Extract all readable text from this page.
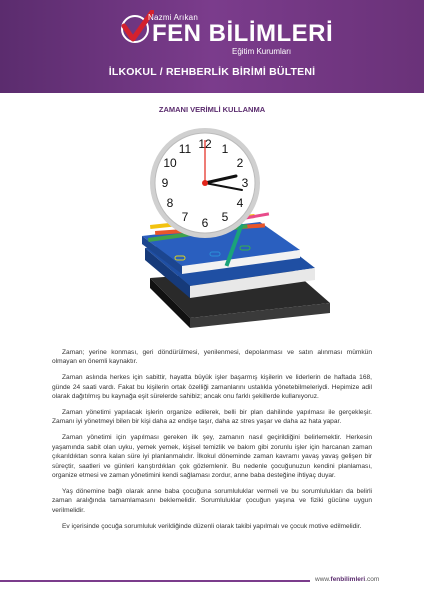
Nazmi Arıkan
FEN BİLİMLERİ
Eğitim Kurumları
İLKOKUL / REHBERLİK BİRİMİ BÜLTENİ
ZAMANI VERİMLİ KULLANMA
12 1
2
3
4
5
6
7
8
9
10
11

Zaman; yerine konması, geri döndürülmesi, yenilenmesi, depolanması ve satın alınması mümkün olmayan en önemli kaynaktır.

Zaman aslında herkes için sabittir, hayatta büyük işler başarmış kişilerin ve liderlerin de haftada 168, günde 24 saati vardı. Fakat bu kişilerin ortak özelliği zamanlarını ustalıkla yönetebilmeleriydi. Hepimize adil olarak dağıtılmış bu kaynağa eşit sürelerde sahibiz; ancak onu farklı şekillerde kullanıyoruz.

Zaman yönetimi yapılacak işlerin organize edilerek, belli bir plan dahilinde yapılması ile gerçekleşir. Zamanı iyi yönetmeyi bilen bir kişi daha az endişe taşır, daha az stres yaşar ve daha az hata yapar.

Zaman yönetimi için yapılması gereken ilk şey, zamanın nasıl geçirildiğini belirlemektir. Herkesin yaşamında sabit olan uyku, yemek yemek, kişisel temizlik ve bakım gibi zorunlu işler için harcanan zaman çıkarıldıktan sonra kalan süre iyi planlanmalıdır. İlkokul döneminde zaman kavramı yavaş yavaş gelişen bir süreçtir, saatleri ve günleri karıştırdıkları çok gözlemlenir. Bu nedenle çocuğunuzun kendini planlaması, organize etmesi ve zaman yönetimini kendi sağlaması zordur, anne baba desteğine ihtiyaç duyar.

Yaş dönemine bağlı olarak anne baba çocuğuna sorumluluklar vermeli ve bu sorumlulukları da belirli zaman aralığında tamamlamasını beklemelidir. Sorumluluklar çocuğun yaşına ve fiziki gücüne uygun verilmelidir.

Ev içerisinde çocuğa sorumluluk verildiğinde düzenli olarak takibi yapılmalı ve çocuk motive edilmelidir.

www.fenbilimleri.com
